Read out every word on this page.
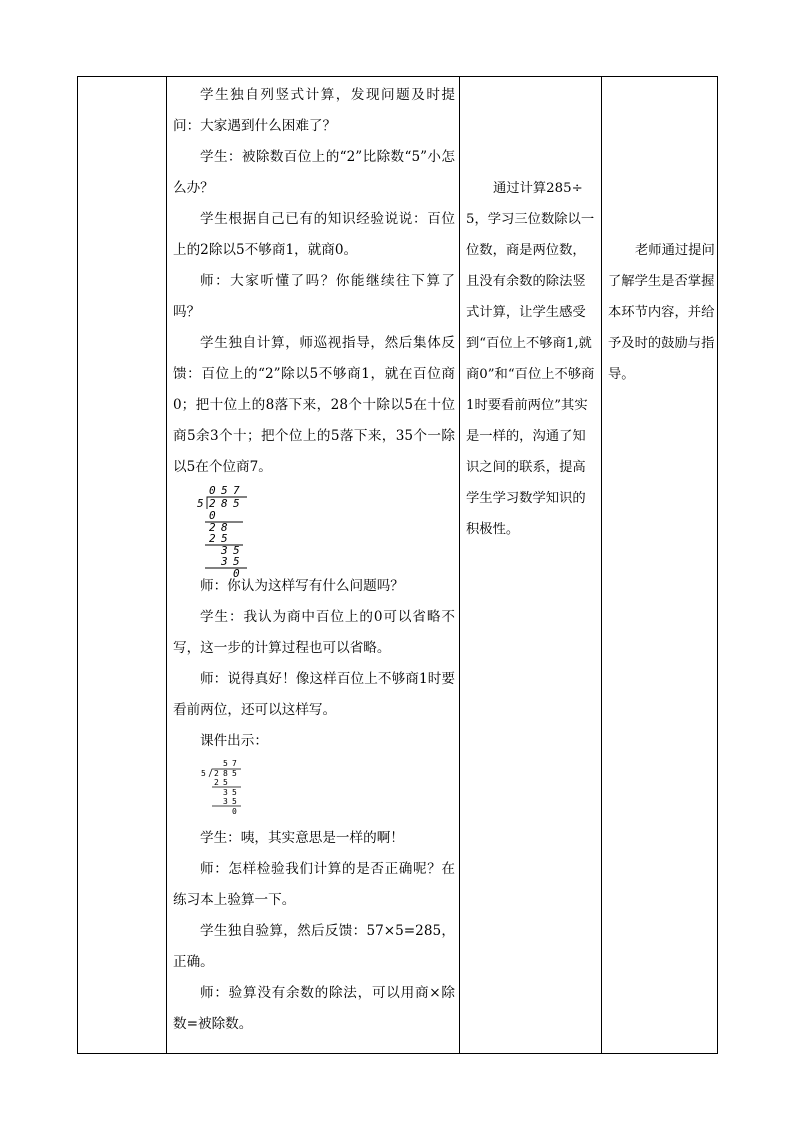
学生独自列竖式计算，发现问题及时提问：大家遇到什么困难了？

学生：被除数百位上的“2”比除数“5”小怎么办？

学生根据自己已有的知识经验说说：百位上的2除以5不够商1，就商0。

师：大家听懂了吗？你能继续往下算了吗？

学生独自计算，师巡视指导，然后集体反馈：百位上的“2”除以5不够商1，就在百位商0；把十位上的8落下来，28个十除以5在十位商5余3个十；把个位上的5落下来，35个一除以5在个位商7。

0 5 7
5 2 8 5
0
2 8
2 5
3 5
3 5
0

师：你认为这样写有什么问题吗？

学生：我认为商中百位上的0可以省略不写，这一步的计算过程也可以省略。

师：说得真好！像这样百位上不够商1时要看前两位，还可以这样写。

课件出示：

5 7
5 2 8 5
2 5
3 5
3 5
0

学生：咦，其实意思是一样的啊！

师：怎样检验我们计算的是否正确呢？在练习本上验算一下。

学生独自验算，然后反馈：57×5=285，正确。

师：验算没有余数的除法，可以用商×除数=被除数。

通过计算285÷5，学习三位数除以一位数，商是两位数，且没有余数的除法竖式计算，让学生感受到“百位上不够商1,就商0”和“百位上不够商1时要看前两位”其实是一样的，沟通了知识之间的联系，提高学生学习数学知识的积极性。

老师通过提问了解学生是否掌握本环节内容，并给予及时的鼓励与指导。
